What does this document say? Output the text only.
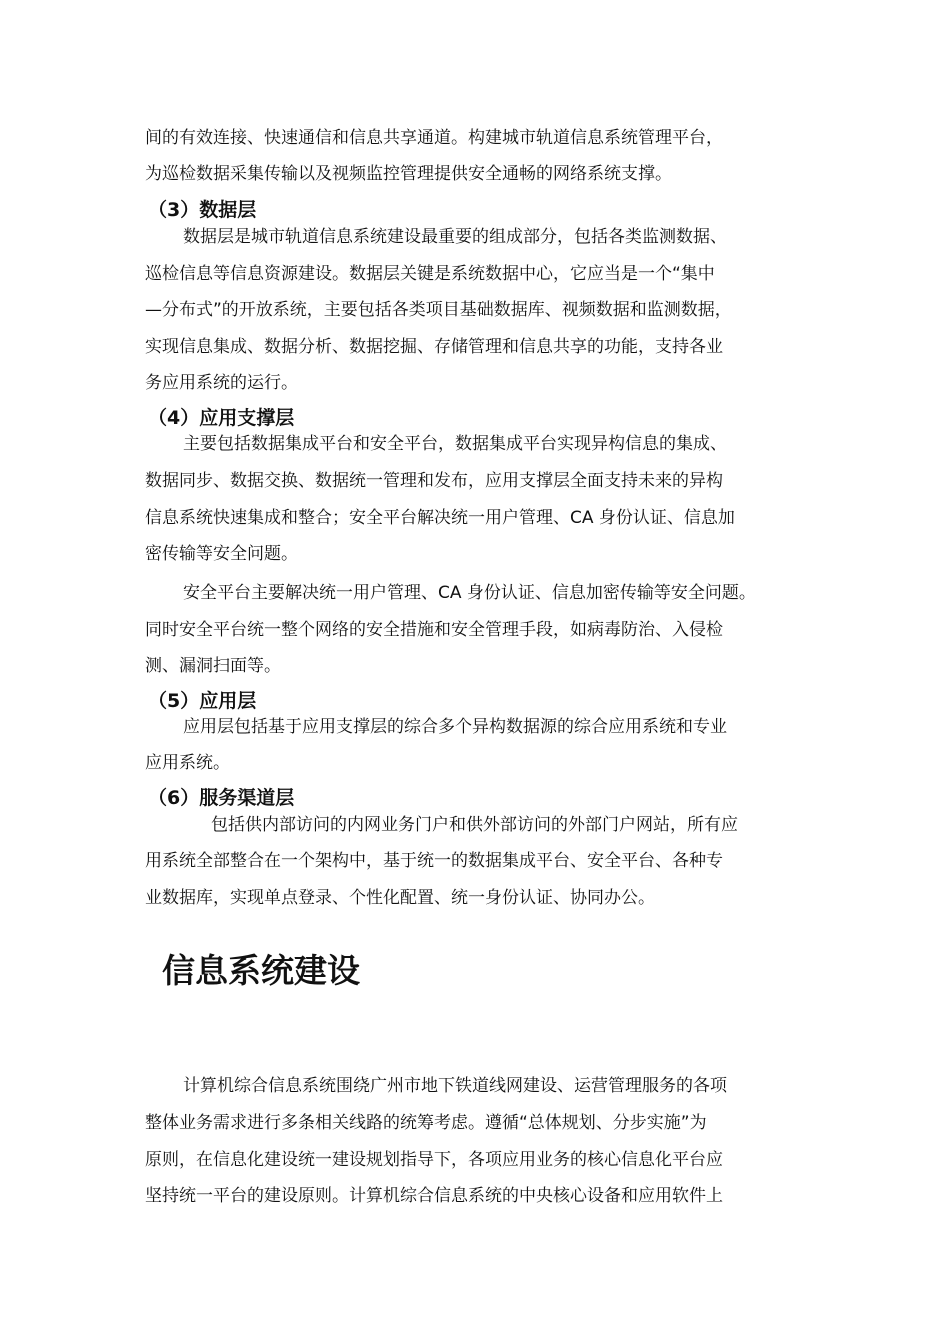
间的有效连接、快速通信和信息共享通道。构建城市轨道信息系统管理平台，
为巡检数据采集传输以及视频监控管理提供安全通畅的网络系统支撑。
（3）数据层
数据层是城市轨道信息系统建设最重要的组成部分，包括各类监测数据、
巡检信息等信息资源建设。数据层关键是系统数据中心，它应当是一个“集中
—分布式”的开放系统，主要包括各类项目基础数据库、视频数据和监测数据，
实现信息集成、数据分析、数据挖掘、存储管理和信息共享的功能，支持各业
务应用系统的运行。
（4）应用支撑层
主要包括数据集成平台和安全平台，数据集成平台实现异构信息的集成、
数据同步、数据交换、数据统一管理和发布，应用支撑层全面支持未来的异构
信息系统快速集成和整合；安全平台解决统一用户管理、CA 身份认证、信息加
密传输等安全问题。
安全平台主要解决统一用户管理、CA 身份认证、信息加密传输等安全问题。
同时安全平台统一整个网络的安全措施和安全管理手段，如病毒防治、入侵检
测、漏洞扫面等。
（5）应用层
应用层包括基于应用支撑层的综合多个异构数据源的综合应用系统和专业
应用系统。
（6）服务渠道层
包括供内部访问的内网业务门户和供外部访问的外部门户网站，所有应
用系统全部整合在一个架构中，基于统一的数据集成平台、安全平台、各种专
业数据库，实现单点登录、个性化配置、统一身份认证、协同办公。
信息系统建设
计算机综合信息系统围绕广州市地下铁道线网建设、运营管理服务的各项
整体业务需求进行多条相关线路的统筹考虑。遵循“总体规划、分步实施”为
原则，在信息化建设统一建设规划指导下，各项应用业务的核心信息化平台应
坚持统一平台的建设原则。计算机综合信息系统的中央核心设备和应用软件上
